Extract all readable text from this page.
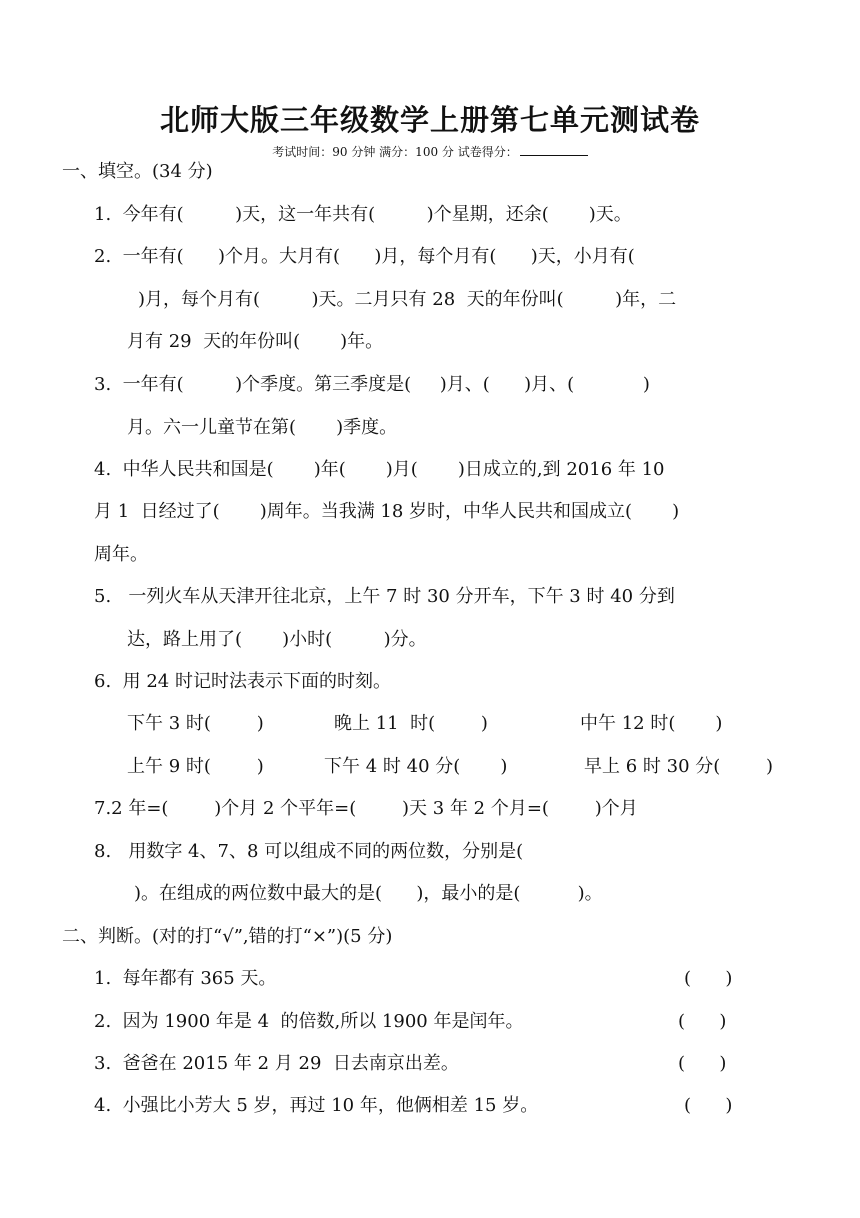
北师大版三年级数学上册第七单元测试卷
考试时间：90 分钟 满分：100 分 试卷得分：
一、填空。(34 分)
1.  今年有(         )天，这一年共有(         )个星期，还余(       )天。
2.  一年有(      )个月。大月有(      )月，每个月有(      )天，小月有(
)月，每个月有(         )天。二月只有 28  天的年份叫(         )年，二
月有 29  天的年份叫(       )年。
3.  一年有(         )个季度。第三季度是(     )月、(      )月、(            )
月。六一儿童节在第(       )季度。
4.  中华人民共和国是(       )年(       )月(       )日成立的,到 2016 年 10
月 1  日经过了(       )周年。当我满 18 岁时，中华人民共和国成立(       )
周年。
5.   一列火车从天津开往北京，上午 7 时 30 分开车，下午 3 时 40 分到
达，路上用了(       )小时(         )分。
6.  用 24 时记时法表示下面的时刻。
下午 3 时(        )	晚上 11  时(        )	中午 12 时(       )
上午 9 时(        )	下午 4 时 40 分(       )	早上 6 时 30 分(        )
7.2 年=(        )个月 2 个平年=(        )天 3 年 2 个月=(        )个月
8.   用数字 4、7、8 可以组成不同的两位数，分别是(
)。在组成的两位数中最大的是(      )，最小的是(          )。
二、判断。(对的打“√”,错的打“×”)(5 分)
1.  每年都有 365 天。	(      )
2.  因为 1900 年是 4  的倍数,所以 1900 年是闰年。	(      )
3.  爸爸在 2015 年 2 月 29  日去南京出差。	(      )
4.  小强比小芳大 5 岁，再过 10 年，他俩相差 15 岁。	(      )
